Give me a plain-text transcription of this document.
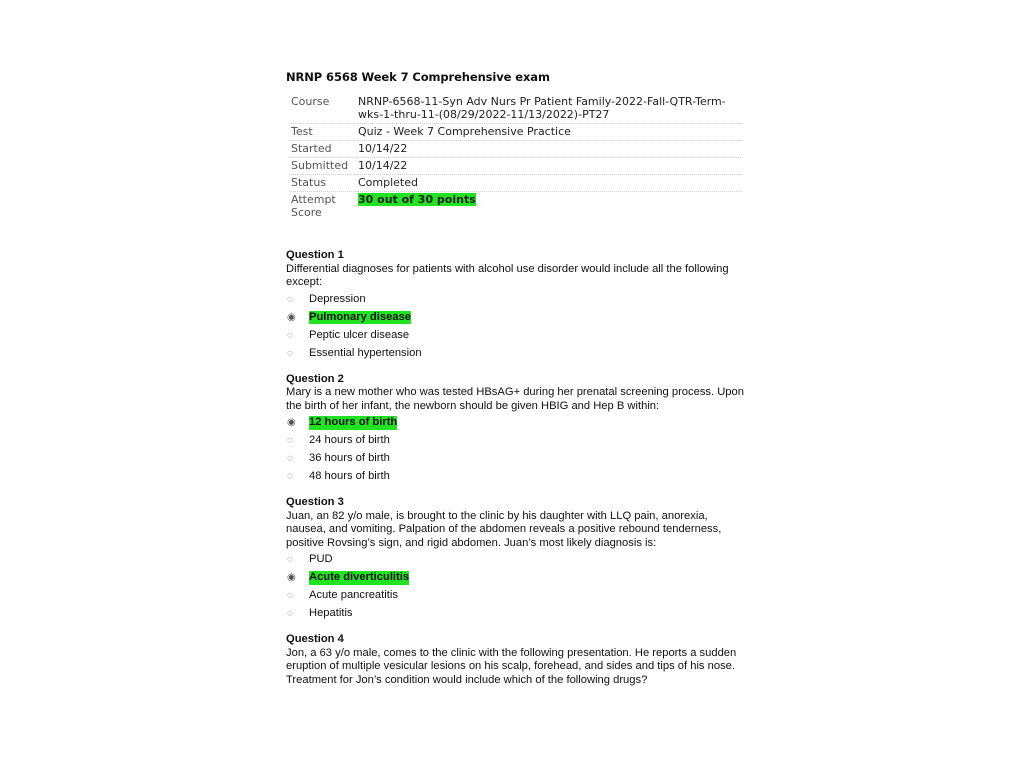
NRNP 6568 Week 7 Comprehensive exam
Course	NRNP-6568-11-Syn Adv Nurs Pr Patient Family-2022-Fall-QTR-Term-wks-1-thru-11-(08/29/2022-11/13/2022)-PT27
Test	Quiz - Week 7 Comprehensive Practice
Started	10/14/22
Submitted	10/14/22
Status	Completed
Attempt Score	30 out of 30 points
Question 1
Differential diagnoses for patients with alcohol use disorder would include all the following except:
◌	Depression
◉	Pulmonary disease
◌	Peptic ulcer disease
◌	Essential hypertension
Question 2
Mary is a new mother who was tested HBsAG+ during her prenatal screening process. Upon the birth of her infant, the newborn should be given HBIG and Hep B within:
◉	12 hours of birth
◌	24 hours of birth
◌	36 hours of birth
◌	48 hours of birth
Question 3
Juan, an 82 y/o male, is brought to the clinic by his daughter with LLQ pain, anorexia, nausea, and vomiting. Palpation of the abdomen reveals a positive rebound tenderness, positive Rovsing’s sign, and rigid abdomen. Juan’s most likely diagnosis is:
◌	PUD
◉	Acute diverticulitis
◌	Acute pancreatitis
◌	Hepatitis
Question 4
Jon, a 63 y/o male, comes to the clinic with the following presentation. He reports a sudden eruption of multiple vesicular lesions on his scalp, forehead, and sides and tips of his nose. Treatment for Jon’s condition would include which of the following drugs?
